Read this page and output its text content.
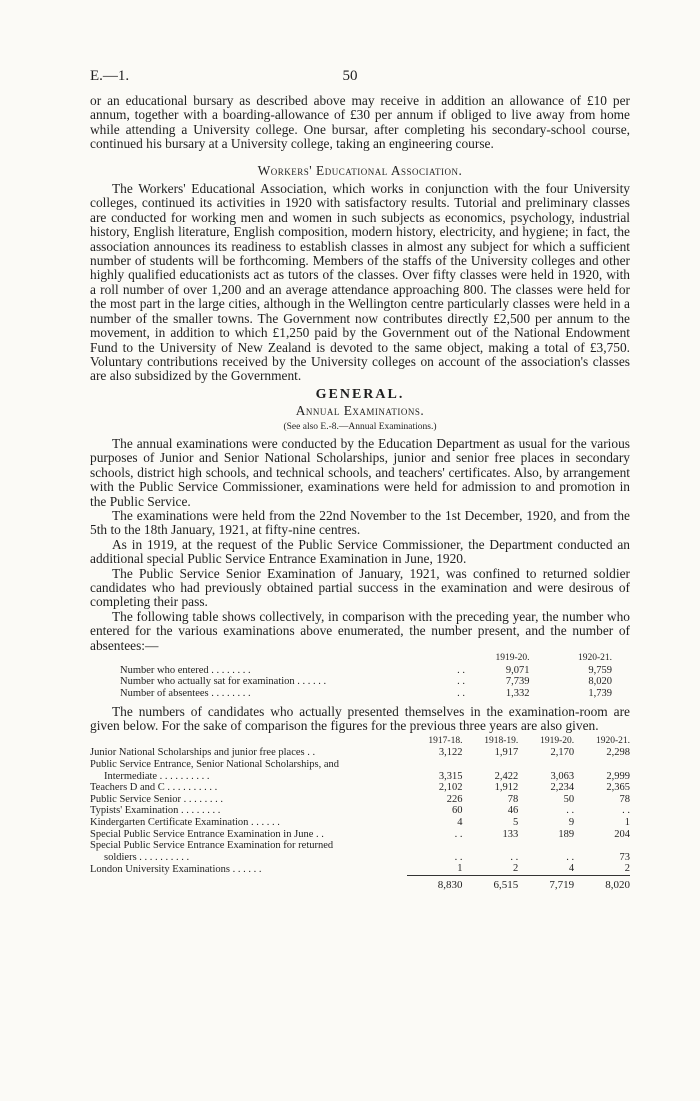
E.—1.	50

or an educational bursary as described above may receive in addition an allowance of £10 per annum, together with a boarding-allowance of £30 per annum if obliged to live away from home while attending a University college. One bursar, after completing his secondary-school course, continued his bursary at a University college, taking an engineering course.

Workers' Educational Association.

The Workers' Educational Association, which works in conjunction with the four University colleges, continued its activities in 1920 with satisfactory results. Tutorial and preliminary classes are conducted for working men and women in such subjects as economics, psychology, industrial history, English literature, English composition, modern history, electricity, and hygiene; in fact, the association announces its readiness to establish classes in almost any subject for which a sufficient number of students will be forthcoming. Members of the staffs of the University colleges and other highly qualified educationists act as tutors of the classes. Over fifty classes were held in 1920, with a roll number of over 1,200 and an average attendance approaching 800. The classes were held for the most part in the large cities, although in the Wellington centre particularly classes were held in a number of the smaller towns. The Government now contributes directly £2,500 per annum to the movement, in addition to which £1,250 paid by the Government out of the National Endowment Fund to the University of New Zealand is devoted to the same object, making a total of £3,750. Voluntary contributions received by the University colleges on account of the association's classes are also subsidized by the Government.

GENERAL.
Annual Examinations.
(See also E.-8.—Annual Examinations.)

The annual examinations were conducted by the Education Department as usual for the various purposes of Junior and Senior National Scholarships, junior and senior free places in secondary schools, district high schools, and technical schools, and teachers' certificates. Also, by arrangement with the Public Service Commissioner, examinations were held for admission to and promotion in the Public Service.

The examinations were held from the 22nd November to the 1st December, 1920, and from the 5th to the 18th January, 1921, at fifty-nine centres.

As in 1919, at the request of the Public Service Commissioner, the Department conducted an additional special Public Service Entrance Examination in June, 1920.

The Public Service Senior Examination of January, 1921, was confined to returned soldier candidates who had previously obtained partial success in the examination and were desirous of completing their pass.

The following table shows collectively, in comparison with the preceding year, the number who entered for the various examinations above enumerated, the number present, and the number of absentees:—

		1919-20.	1920-21.
Number who entered . . . . . . . .	. .	9,071	9,759
Number who actually sat for examination . . . . . .	. .	7,739	8,020
Number of absentees . . . . . . . .	. .	1,332	1,739

The numbers of candidates who actually presented themselves in the examination-room are given below. For the sake of comparison the figures for the previous three years are also given.

	1917-18.	1918-19.	1919-20.	1920-21.
Junior National Scholarships and junior free places . .	3,122	1,917	2,170	2,298
Public Service Entrance, Senior National Scholarships, and				
Intermediate . . . . . . . . . .	3,315	2,422	3,063	2,999
Teachers D and C . . . . . . . . . .	2,102	1,912	2,234	2,365
Public Service Senior . . . . . . . .	226	78	50	78
Typists' Examination . . . . . . . .	60	46	. .	. .
Kindergarten Certificate Examination . . . . . .	4	5	9	1
Special Public Service Entrance Examination in June . .	. .	133	189	204
Special Public Service Entrance Examination for returned				
soldiers . . . . . . . . . .	. .	. .	. .	73
London University Examinations . . . . . .	1	2	4	2
	8,830	6,515	7,719	8,020
